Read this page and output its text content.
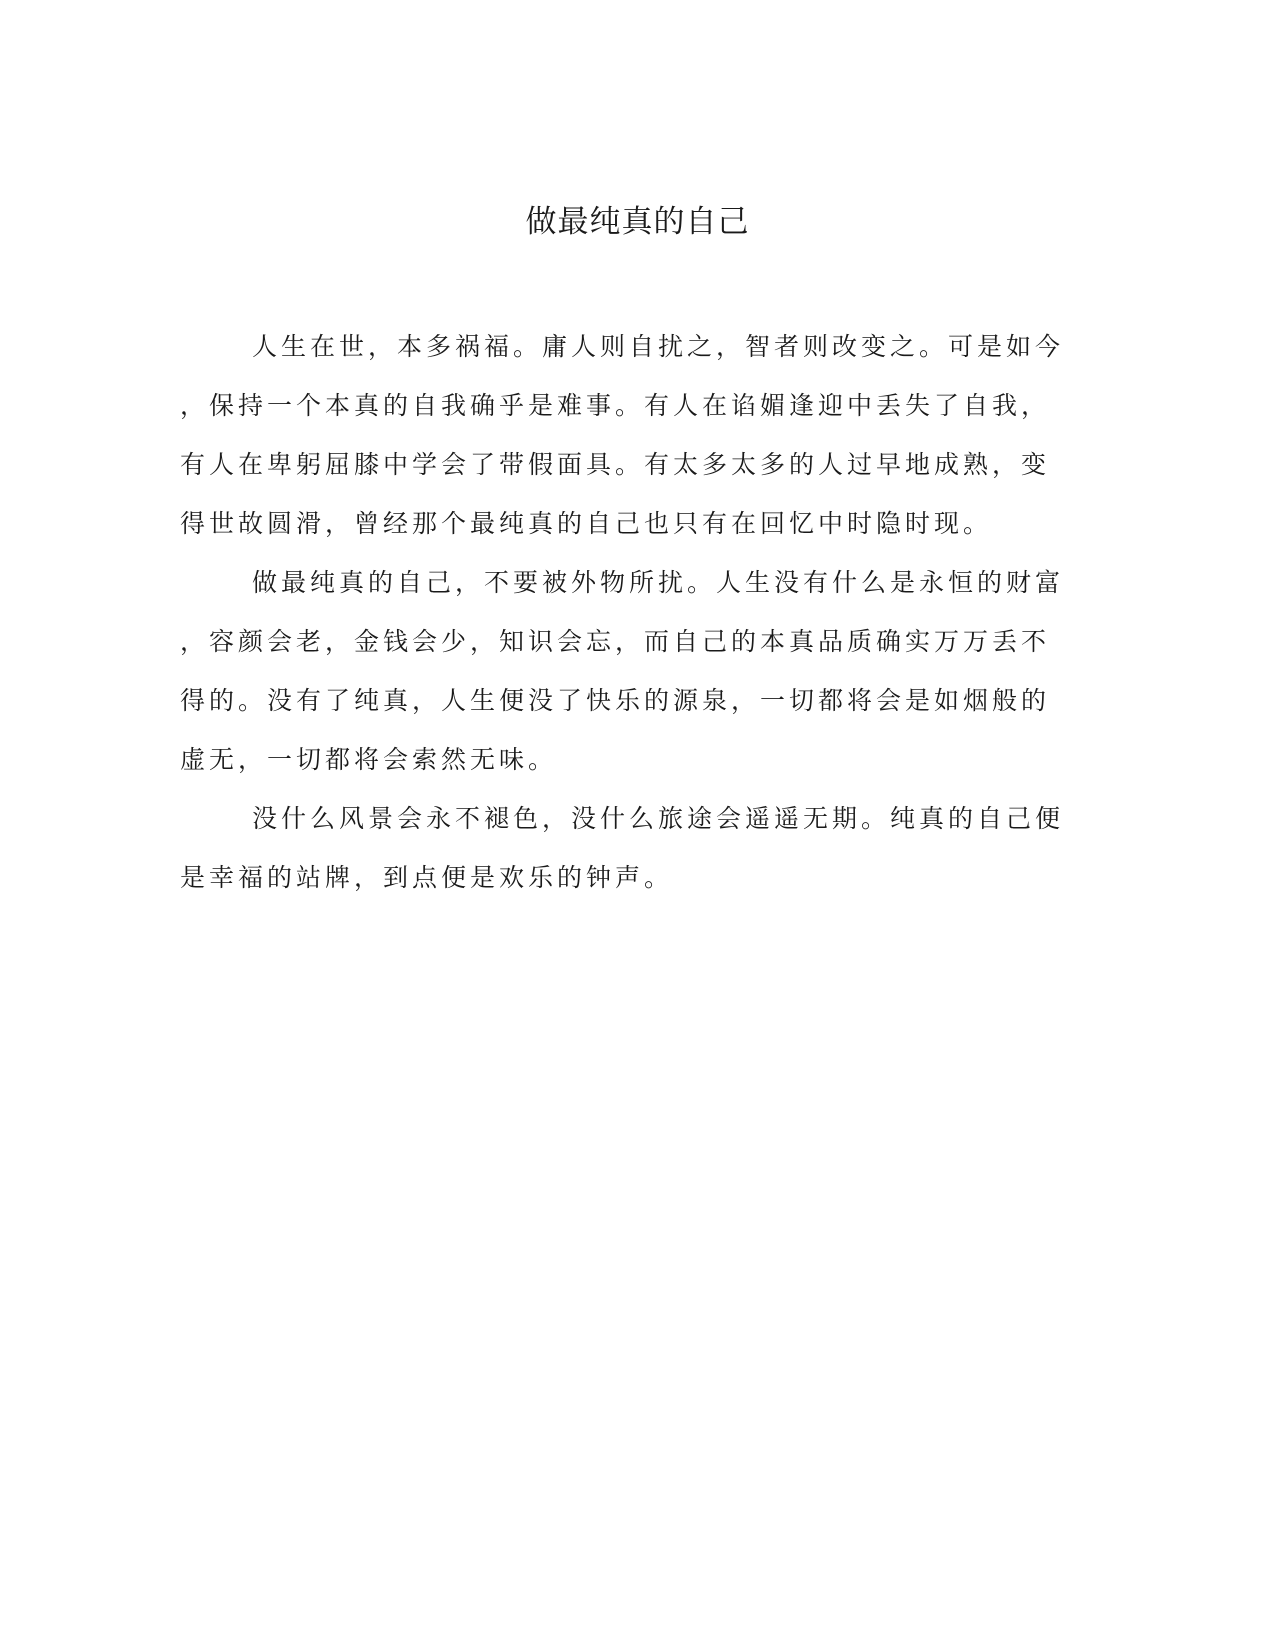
做最纯真的自己
人生在世，本多祸福。庸人则自扰之，智者则改变之。可是如今
，保持一个本真的自我确乎是难事。有人在谄媚逢迎中丢失了自我，
有人在卑躬屈膝中学会了带假面具。有太多太多的人过早地成熟，变
得世故圆滑，曾经那个最纯真的自己也只有在回忆中时隐时现。
做最纯真的自己，不要被外物所扰。人生没有什么是永恒的财富
，容颜会老，金钱会少，知识会忘，而自己的本真品质确实万万丢不
得的。没有了纯真，人生便没了快乐的源泉，一切都将会是如烟般的
虚无，一切都将会索然无味。
没什么风景会永不褪色，没什么旅途会遥遥无期。纯真的自己便
是幸福的站牌，到点便是欢乐的钟声。
